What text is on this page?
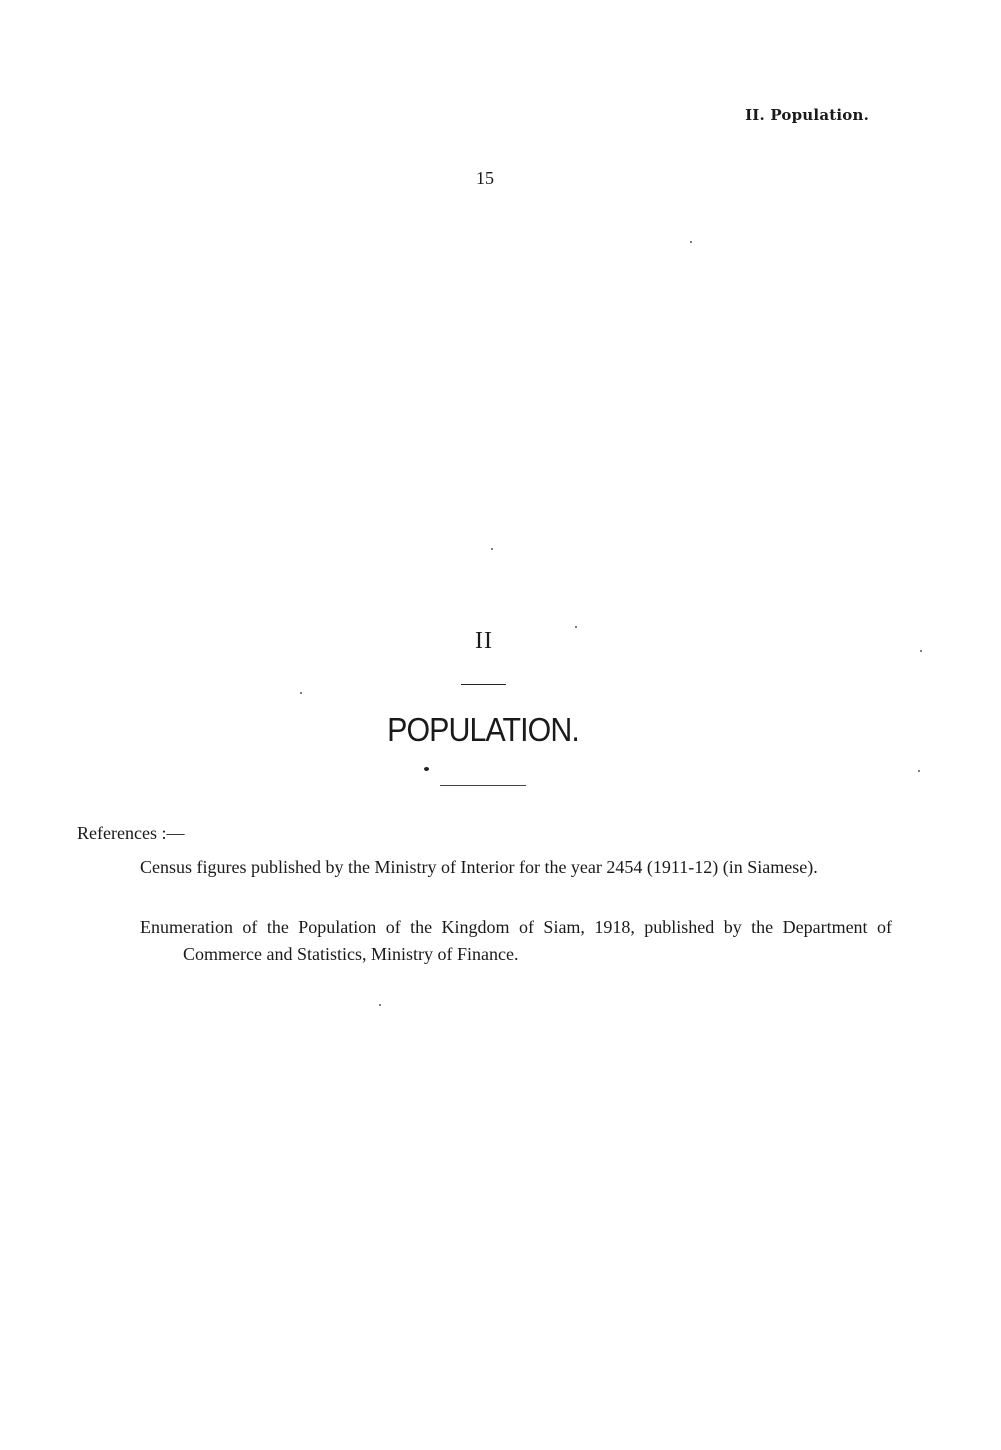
II. Population.
15
II
POPULATION.
References :—
Census figures published by the Ministry of Interior for the year 2454 (1911-12) (in Siamese).
Enumeration of the Population of the Kingdom of Siam, 1918, published by the Department of Commerce and Statistics, Ministry of Finance.
